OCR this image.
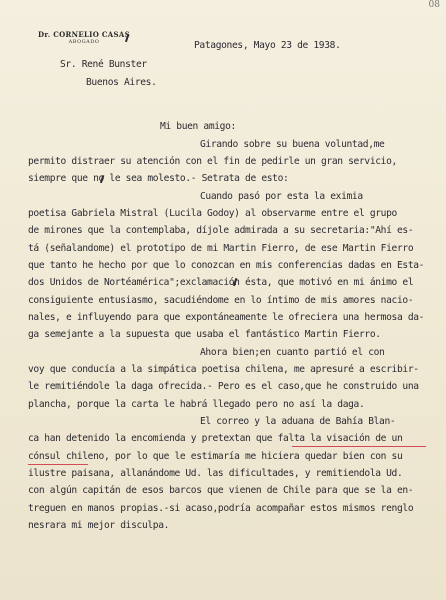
08
Dr. CORNELIO CASAS
ABOGADO	Patagones, Mayo 23 de 1938.
Sr. René Bunster
Buenos Aires.
Mi buen amigo:
Girando sobre su buena voluntad,me
permito distraer su atención con el fin de pedirle un gran servicio,
siempre que no le sea molesto.- Setrata de esto:
Cuando pasó por esta la eximia
poetisa Gabriela Mistral (Lucila Godoy) al observarme entre el grupo
de mirones que la contemplaba, díjole admirada a su secretaria:"Ahí es-
tá (señalandome) el prototipo de mi Martin Fierro, de ese Martin Fierro
que tanto he hecho por que lo conozcan en mis conferencias dadas en Esta-
dos Unidos de Nortéamérica";exclamación ésta, que motivó en mi ánimo el
consiguiente entusiasmo, sacudiéndome en lo íntimo de mis amores nacio-
nales, e influyendo para que expontáneamente le ofreciera una hermosa da-
ga semejante a la supuesta que usaba el fantástico Martin Fierro.
Ahora bien;en cuanto partió el con
voy que conducía a la simpática poetisa chilena, me apresuré a escribir-
le remitiéndole la daga ofrecida.- Pero es el caso,que he construido una
plancha, porque la carta le habrá llegado pero no así la daga.
El correo y la aduana de Bahía Blan-
ca han detenido la encomienda y pretextan que falta la visación de un
cónsul chileno, por lo que le estimaría me hiciera quedar bien con su
ilustre paisana, allanándome Ud. las dificultades, y remitiendola Ud.
con algún capitán de esos barcos que vienen de Chile para que se la en-
treguen en manos propias.-si acaso,podría acompañar estos mismos renglo
nesrara mi mejor disculpa.
